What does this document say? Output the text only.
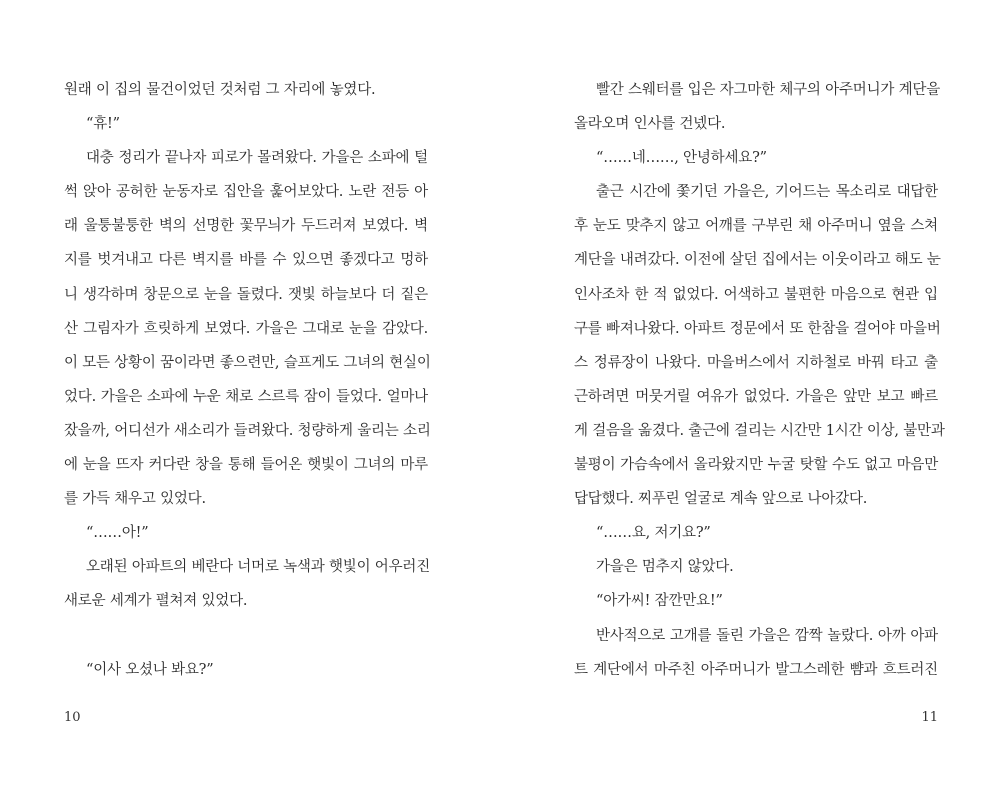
원래 이 집의 물건이었던 것처럼 그 자리에 놓였다.
“휴!”
대충 정리가 끝나자 피로가 몰려왔다. 가을은 소파에 털
썩 앉아 공허한 눈동자로 집안을 훑어보았다. 노란 전등 아
래 울퉁불퉁한 벽의 선명한 꽃무늬가 두드러져 보였다. 벽
지를 벗겨내고 다른 벽지를 바를 수 있으면 좋겠다고 멍하
니 생각하며 창문으로 눈을 돌렸다. 잿빛 하늘보다 더 짙은
산 그림자가 흐릿하게 보였다. 가을은 그대로 눈을 감았다.
이 모든 상황이 꿈이라면 좋으련만, 슬프게도 그녀의 현실이
었다. 가을은 소파에 누운 채로 스르륵 잠이 들었다. 얼마나
잤을까, 어디선가 새소리가 들려왔다. 청량하게 울리는 소리
에 눈을 뜨자 커다란 창을 통해 들어온 햇빛이 그녀의 마루
를 가득 채우고 있었다.
“……아!”
오래된 아파트의 베란다 너머로 녹색과 햇빛이 어우러진
새로운 세계가 펼쳐져 있었다.
“이사 오셨나 봐요?”
10
빨간 스웨터를 입은 자그마한 체구의 아주머니가 계단을
올라오며 인사를 건넸다.
“……네……, 안녕하세요?”
출근 시간에 쫓기던 가을은, 기어드는 목소리로 대답한
후 눈도 맞추지 않고 어깨를 구부린 채 아주머니 옆을 스쳐
계단을 내려갔다. 이전에 살던 집에서는 이웃이라고 해도 눈
인사조차 한 적 없었다. 어색하고 불편한 마음으로 현관 입
구를 빠져나왔다. 아파트 정문에서 또 한참을 걸어야 마을버
스 정류장이 나왔다. 마을버스에서 지하철로 바꿔 타고 출
근하려면 머뭇거릴 여유가 없었다. 가을은 앞만 보고 빠르
게 걸음을 옮겼다. 출근에 걸리는 시간만 1시간 이상, 불만과
불평이 가슴속에서 올라왔지만 누굴 탓할 수도 없고 마음만
답답했다. 찌푸린 얼굴로 계속 앞으로 나아갔다.
“……요, 저기요?”
가을은 멈추지 않았다.
“아가씨! 잠깐만요!”
반사적으로 고개를 돌린 가을은 깜짝 놀랐다. 아까 아파
트 계단에서 마주친 아주머니가 발그스레한 뺨과 흐트러진
11
